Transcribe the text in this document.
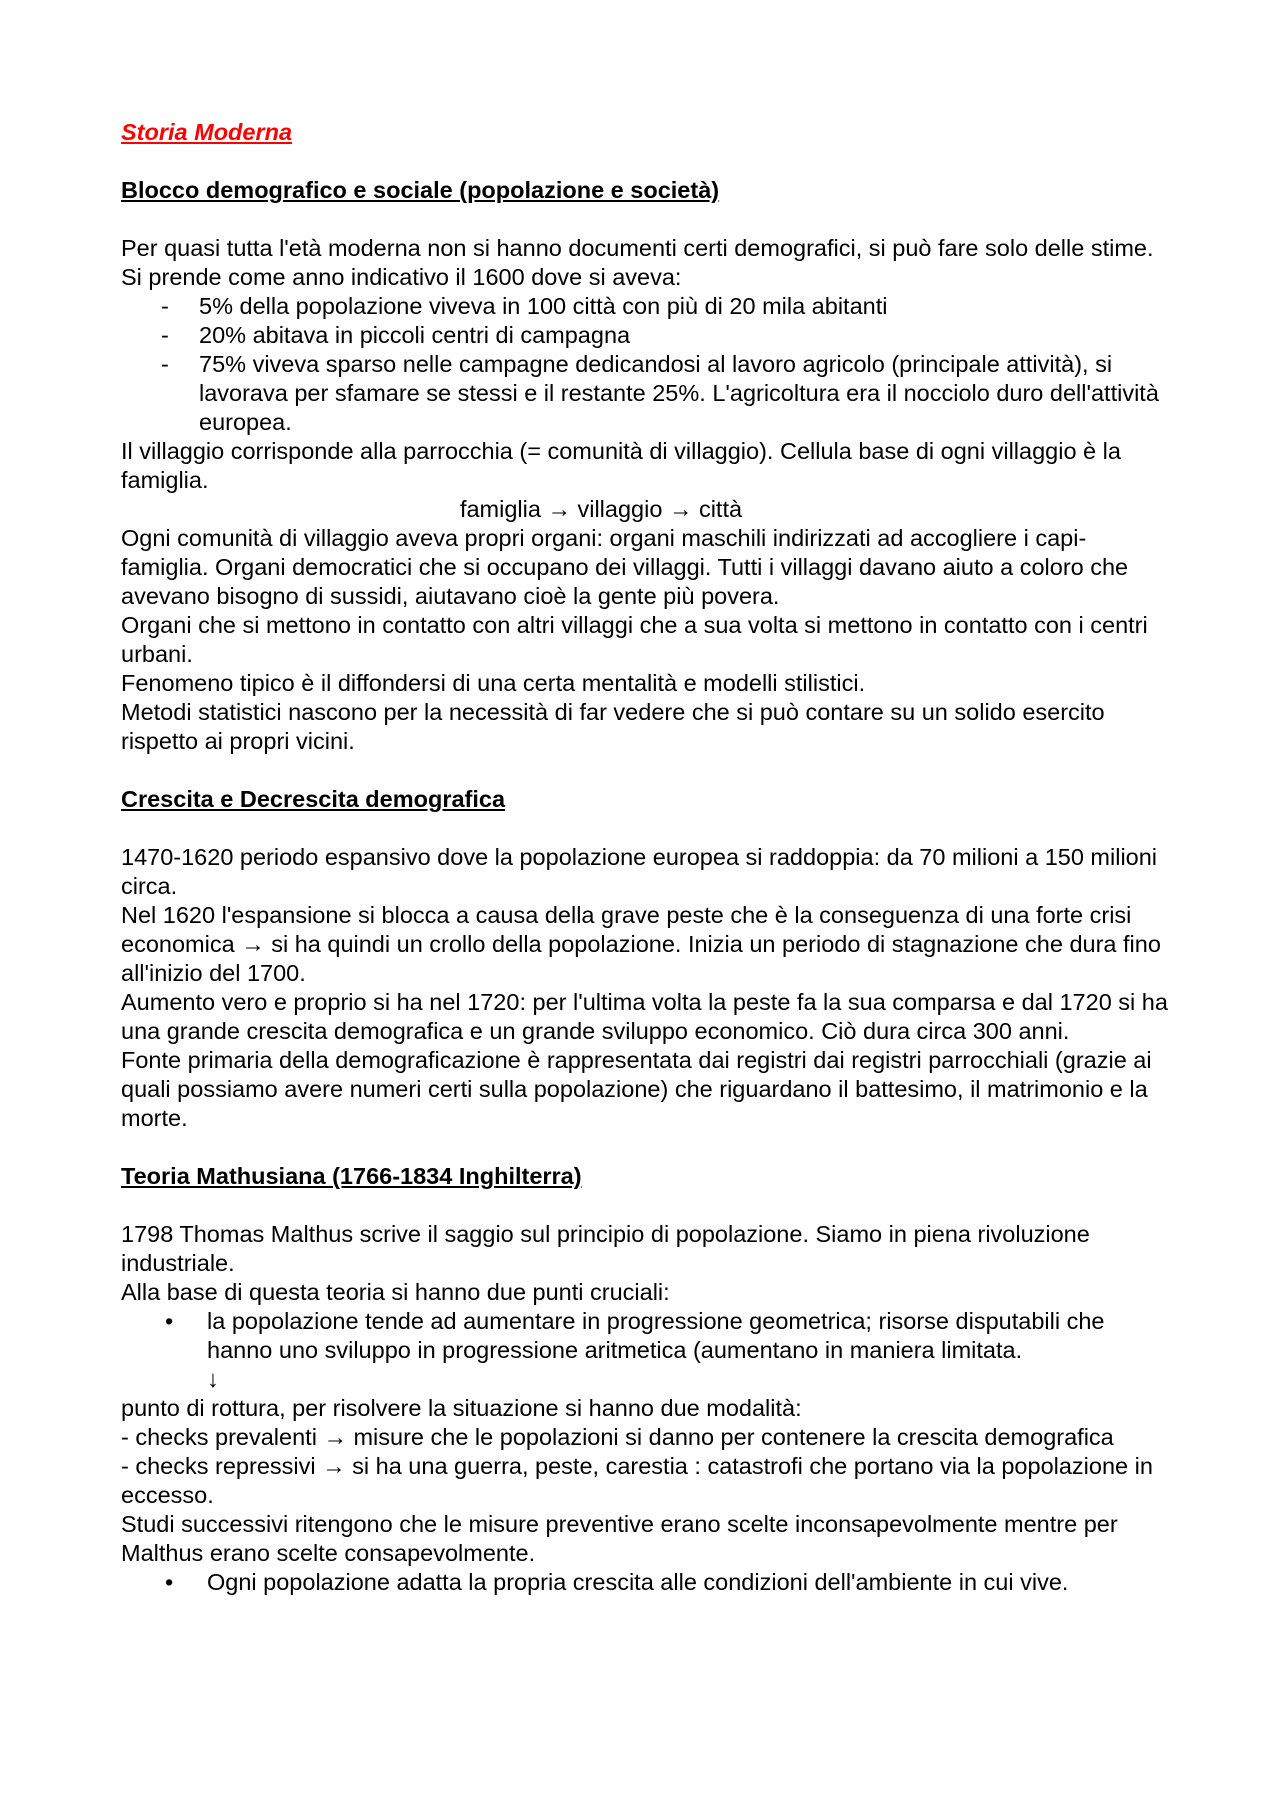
Storia Moderna

Blocco demografico e sociale (popolazione e società)

Per quasi tutta l'età moderna non si hanno documenti certi demografici, si può fare solo delle stime.

Si prende come anno indicativo il 1600 dove si aveva:

- 5% della popolazione viveva in 100 città con più di 20 mila abitanti
- 20% abitava in piccoli centri di campagna
- 75% viveva sparso nelle campagne dedicandosi al lavoro agricolo (principale attività), si lavorava per sfamare se stessi e il restante 25%. L'agricoltura era il nocciolo duro dell'attività europea.

Il villaggio corrisponde alla parrocchia (= comunità di villaggio). Cellula base di ogni villaggio è la famiglia.

famiglia → villaggio → città

Ogni comunità di villaggio aveva propri organi: organi maschili indirizzati ad accogliere i capi-famiglia. Organi democratici che si occupano dei villaggi. Tutti i villaggi davano aiuto a coloro che avevano bisogno di sussidi, aiutavano cioè la gente più povera.

Organi che si mettono in contatto con altri villaggi che a sua volta si mettono in contatto con i centri urbani.

Fenomeno tipico è il diffondersi di una certa mentalità e modelli stilistici.

Metodi statistici nascono per la necessità di far vedere che si può contare su un solido esercito rispetto ai propri vicini.

Crescita e Decrescita demografica

1470-1620 periodo espansivo dove la popolazione europea si raddoppia: da 70 milioni a 150 milioni circa.

Nel 1620 l'espansione si blocca a causa della grave peste che è la conseguenza di una forte crisi economica → si ha quindi un crollo della popolazione. Inizia un periodo di stagnazione che dura fino all'inizio del 1700.

Aumento vero e proprio si ha nel 1720: per l'ultima volta la peste fa la sua comparsa e dal 1720 si ha una grande crescita demografica e un grande sviluppo economico. Ciò dura circa 300 anni.

Fonte primaria della demograficazione è rappresentata dai registri dai registri parrocchiali (grazie ai quali possiamo avere numeri certi sulla popolazione) che riguardano il battesimo, il matrimonio e la morte.

Teoria Mathusiana (1766-1834 Inghilterra)

1798 Thomas Malthus scrive il saggio sul principio di popolazione. Siamo in piena rivoluzione industriale.

Alla base di questa teoria si hanno due punti cruciali:

• la popolazione tende ad aumentare in progressione geometrica; risorse disputabili che hanno uno sviluppo in progressione aritmetica (aumentano in maniera limitata.

↓

punto di rottura, per risolvere la situazione si hanno due modalità:

- checks prevalenti → misure che le popolazioni si danno per contenere la crescita demografica

- checks repressivi → si ha una guerra, peste, carestia : catastrofi che portano via la popolazione in eccesso.

Studi successivi ritengono che le misure preventive erano scelte inconsapevolmente mentre per Malthus erano scelte consapevolmente.

• Ogni popolazione adatta la propria crescita alle condizioni dell'ambiente in cui vive.
